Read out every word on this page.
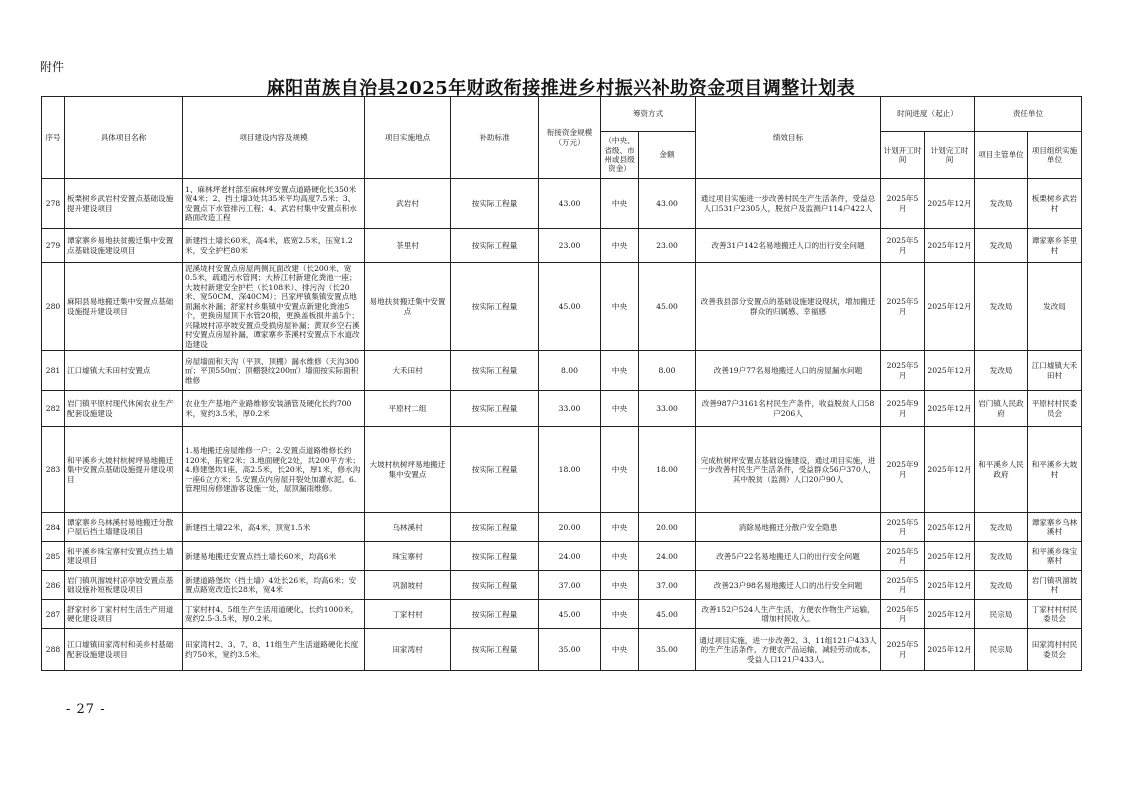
附件
麻阳苗族自治县2025年财政衔接推进乡村振兴补助资金项目调整计划表
序号	具体项目名称	项目建设内容及规模	项目实施地点	补助标准	衔接资金规模（万元）	筹资方式		绩效目标	时间进度（起止）		责任单位	
						（中央、省级、市州或县级资金）	金额		计划开工时间	计划完工时间	项目主管单位	项目组织实施单位
278	板栗树乡武岩村安置点基础设施提升建设项目	1、麻林坪老村部至麻林坪安置点道路硬化长350米宽4米；2、挡土墙3处共35米平均高度7.5米；3、安置点下水管排污工程；4、武岩村集中安置点积水路面改造工程	武岩村	按实际工程量	43.00	中央	43.00	通过项目实施进一步改善村民生产生活条件，受益总人口531户2305人，脱贫户及监测户114户422人	2025年5月	2025年12月	发改局	板栗树乡武岩村
279	谭家寨乡易地扶贫搬迁集中安置点基础设施建设项目	新建挡土墙长60米，高4米，底宽2.5米，压宽1.2米，安全护栏80米	茶里村	按实际工程量	23.00	中央	23.00	改善31户142名易地搬迁人口的出行安全问题	2025年5月	2025年12月	发改局	谭家寨乡茶里村
280	麻阳县易地搬迁集中安置点基础设施提升建设项目	泥溪垅村安置点房屋两侧瓦面改建（长200米、宽0.5米，疏通污水管网；大桥江村新建化粪池一座；大坡村新建安全护栏（长108米）、排污沟（长20米、宽50CM、深40CM）；吕家坪镇集镇安置点地面漏水补漏；舒家村乡集镇中安置点新建化粪池5个，更换房屋顶下水管20根，更换盖板损井盖5个；兴隆坡村凉亭坡安置点受损房屋补漏；黄双乡空石溪村安置点房屋补漏，谭家寨乡茶溪村安置点下水道改造建设	易地扶贫搬迁集中安置点	按实际工程量	45.00	中央	45.00	改善我县部分安置点的基础设施建设现状，增加搬迁群众的归属感、幸福感	2025年5月	2025年12月	发改局	发改局
281	江口墟镇大禾田村安置点	房屋墙面和天沟（平顶、顶棚）漏水维修（天沟300㎡；平顶550㎡；顶棚裂纹200㎡）墙面按实际面积维修	大禾田村	按实际工程量	8.00	中央	8.00	改善19户77名易地搬迁人口的房屋漏水问题	2025年5月	2025年12月	发改局	江口墟镇大禾田村
282	岩门镇平原村现代休闲农业生产配套设施建设	农业生产基地产业路维修安装涵管及硬化长约700米，宽约3.5米，厚0.2米	平原村二组	按实际工程量	33.00	中央	33.00	改善987户3161名村民生产条件，收益脱贫人口58户206人	2025年9月	2025年12月	岩门镇人民政府	平原村村民委员会
283	和平溪乡大坡村杭树坪易地搬迁集中安置点基础设施提升建设项目	1.易地搬迁房屋维修一户；2.安置点道路维修长约120米，拓宽2米；3.地面硬化2处，共200平方米；4.修建堡坎1座，高2.5米，长20米，厚1米，修水沟一座6立方米；5.安置点内房屋开裂处加灌水泥。6.管理用房修建游客设施一处，屋顶漏雨维修。	大坡村杭树坪易地搬迁集中安置点	按实际工程量	18.00	中央	18.00	完成杭树坪安置点基础设施建设，通过项目实施，进一步改善村民生产生活条件，受益群众56户370人，其中脱贫（监测）人口20户90人	2025年9月	2025年12月	和平溪乡人民政府	和平溪乡大坡村
284	谭家寨乡乌林溪村易地搬迁分散户屋后挡土墙建设项目	新建挡土墙22米，高4米，顶宽1.5米	乌林溪村	按实际工程量	20.00	中央	20.00	消除易地搬迁分散户安全隐患	2025年5月	2025年12月	发改局	谭家寨乡乌林溪村
285	和平溪乡珠宝寨村安置点挡土墙建设项目	新建易地搬迁安置点挡土墙长60米，均高6米	珠宝寨村	按实际工程量	24.00	中央	24.00	改善5户22名易地搬迁人口的出行安全问题	2025年5月	2025年12月	发改局	和平溪乡珠宝寨村
286	岩门镇巩溜坡村凉亭坡安置点基础设施补短板建设项目	新建道路堡坎（挡土墙）4处长26米，均高6米；安置点路宽改造长28米，宽4米	巩溜坡村	按实际工程量	37.00	中央	37.00	改善23户98名易地搬迁人口的出行安全问题	2025年5月	2025年12月	发改局	岩门镇巩溜坡村
287	舒家村乡丁家村村生活生产用道硬化建设项目	丁家村村4、5组生产生活用道硬化，长约1000米，宽约2.5-3.5米，厚0.2米。	丁家村村	按实际工程量	45.00	中央	45.00	改善152户524人生产生活，方便农作物生产运输，增加村民收入。	2025年5月	2025年12月	民宗局	丁家村村村民委员会
288	江口墟镇田家湾村和美乡村基础配套设施建设项目	田家湾村2、3、7、8、11组生产生活道路硬化长度约750米，宽约3.5米。	田家湾村	按实际工程量	35.00	中央	35.00	通过项目实施，进一步改善2、3、11组121户433人的生产生活条件，方便农产品运输，减轻劳动成本，受益人口121户433人。	2025年5月	2025年12月	民宗局	田家湾村村民委员会
- 27 -
